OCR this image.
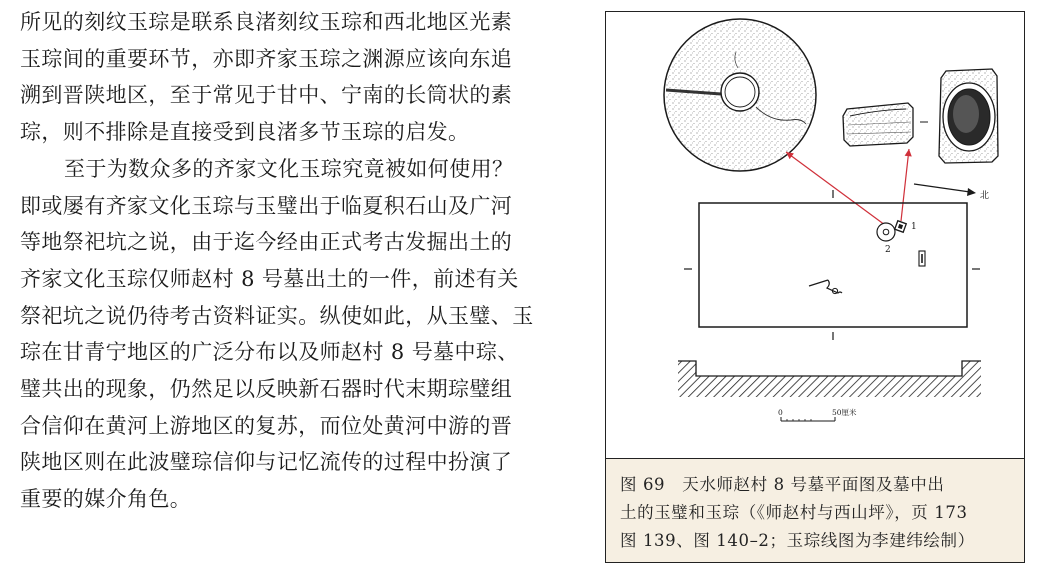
所见的刻纹玉琮是联系良渚刻纹玉琮和西北地区光素
玉琮间的重要环节，亦即齐家玉琮之渊源应该向东追
溯到晋陕地区，至于常见于甘中、宁南的长筒状的素
琮，则不排除是直接受到良渚多节玉琮的启发。

至于为数众多的齐家文化玉琮究竟被如何使用？
即或屡有齐家文化玉琮与玉璧出于临夏积石山及广河
等地祭祀坑之说，由于迄今经由正式考古发掘出土的
齐家文化玉琮仅师赵村 8 号墓出土的一件，前述有关
祭祀坑之说仍待考古资料证实。纵使如此，从玉璧、玉
琮在甘青宁地区的广泛分布以及师赵村 8 号墓中琮、
璧共出的现象，仍然足以反映新石器时代末期琮璧组
合信仰在黄河上游地区的复苏，而位处黄河中游的晋
陕地区则在此波璧琮信仰与记忆流传的过程中扮演了
重要的媒介角色。

北
1
2
0	50厘米
图 69　天水师赵村 8 号墓平面图及墓中出
土的玉璧和玉琮（《师赵村与西山坪》，页 173
图 139、图 140–2；玉琮线图为李建纬绘制）
